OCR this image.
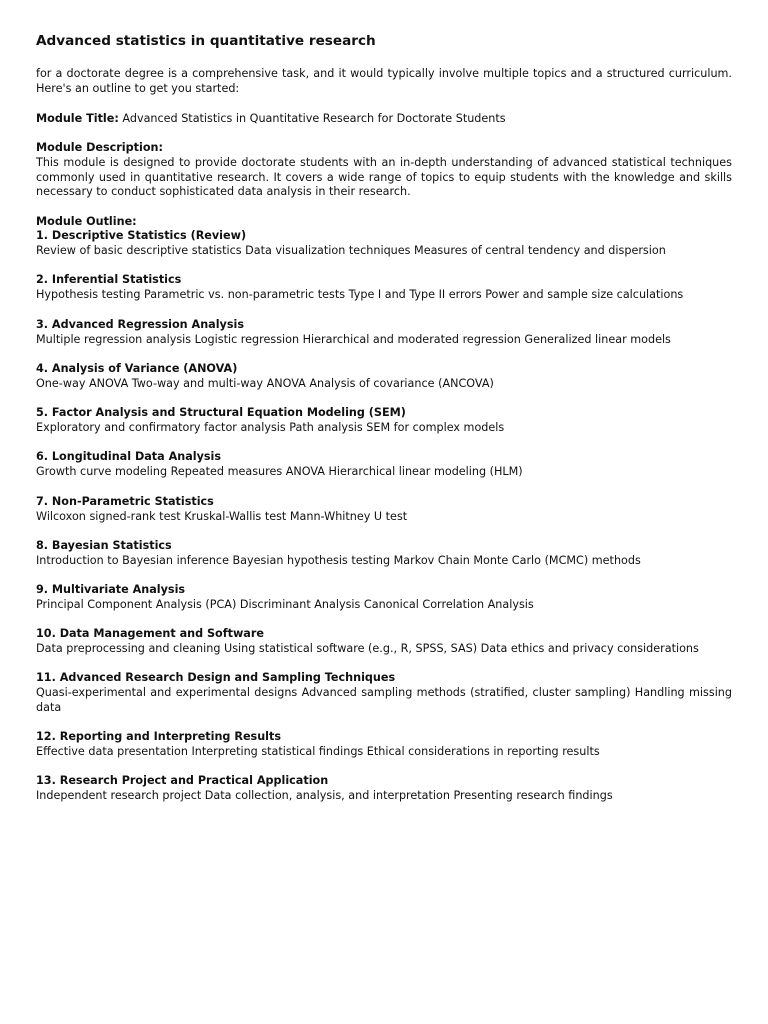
Advanced statistics in quantitative research
for a doctorate degree is a comprehensive task, and it would typically involve multiple topics and a structured curriculum. Here's an outline to get you started:
Module Title: Advanced Statistics in Quantitative Research for Doctorate Students
Module Description:
This module is designed to provide doctorate students with an in-depth understanding of advanced statistical techniques commonly used in quantitative research. It covers a wide range of topics to equip students with the knowledge and skills necessary to conduct sophisticated data analysis in their research.
Module Outline:
1. Descriptive Statistics (Review)
Review of basic descriptive statistics Data visualization techniques Measures of central tendency and dispersion
2. Inferential Statistics
Hypothesis testing Parametric vs. non-parametric tests Type I and Type II errors Power and sample size calculations
3. Advanced Regression Analysis
Multiple regression analysis Logistic regression Hierarchical and moderated regression Generalized linear models
4. Analysis of Variance (ANOVA)
One-way ANOVA Two-way and multi-way ANOVA Analysis of covariance (ANCOVA)
5. Factor Analysis and Structural Equation Modeling (SEM)
Exploratory and confirmatory factor analysis Path analysis SEM for complex models
6. Longitudinal Data Analysis
Growth curve modeling Repeated measures ANOVA Hierarchical linear modeling (HLM)
7. Non-Parametric Statistics
Wilcoxon signed-rank test Kruskal-Wallis test Mann-Whitney U test
8. Bayesian Statistics
Introduction to Bayesian inference Bayesian hypothesis testing Markov Chain Monte Carlo (MCMC) methods
9. Multivariate Analysis
Principal Component Analysis (PCA) Discriminant Analysis Canonical Correlation Analysis
10. Data Management and Software
Data preprocessing and cleaning Using statistical software (e.g., R, SPSS, SAS) Data ethics and privacy considerations
11. Advanced Research Design and Sampling Techniques
Quasi-experimental and experimental designs Advanced sampling methods (stratified, cluster sampling) Handling missing data
12. Reporting and Interpreting Results
Effective data presentation Interpreting statistical findings Ethical considerations in reporting results
13. Research Project and Practical Application
Independent research project Data collection, analysis, and interpretation Presenting research findings
